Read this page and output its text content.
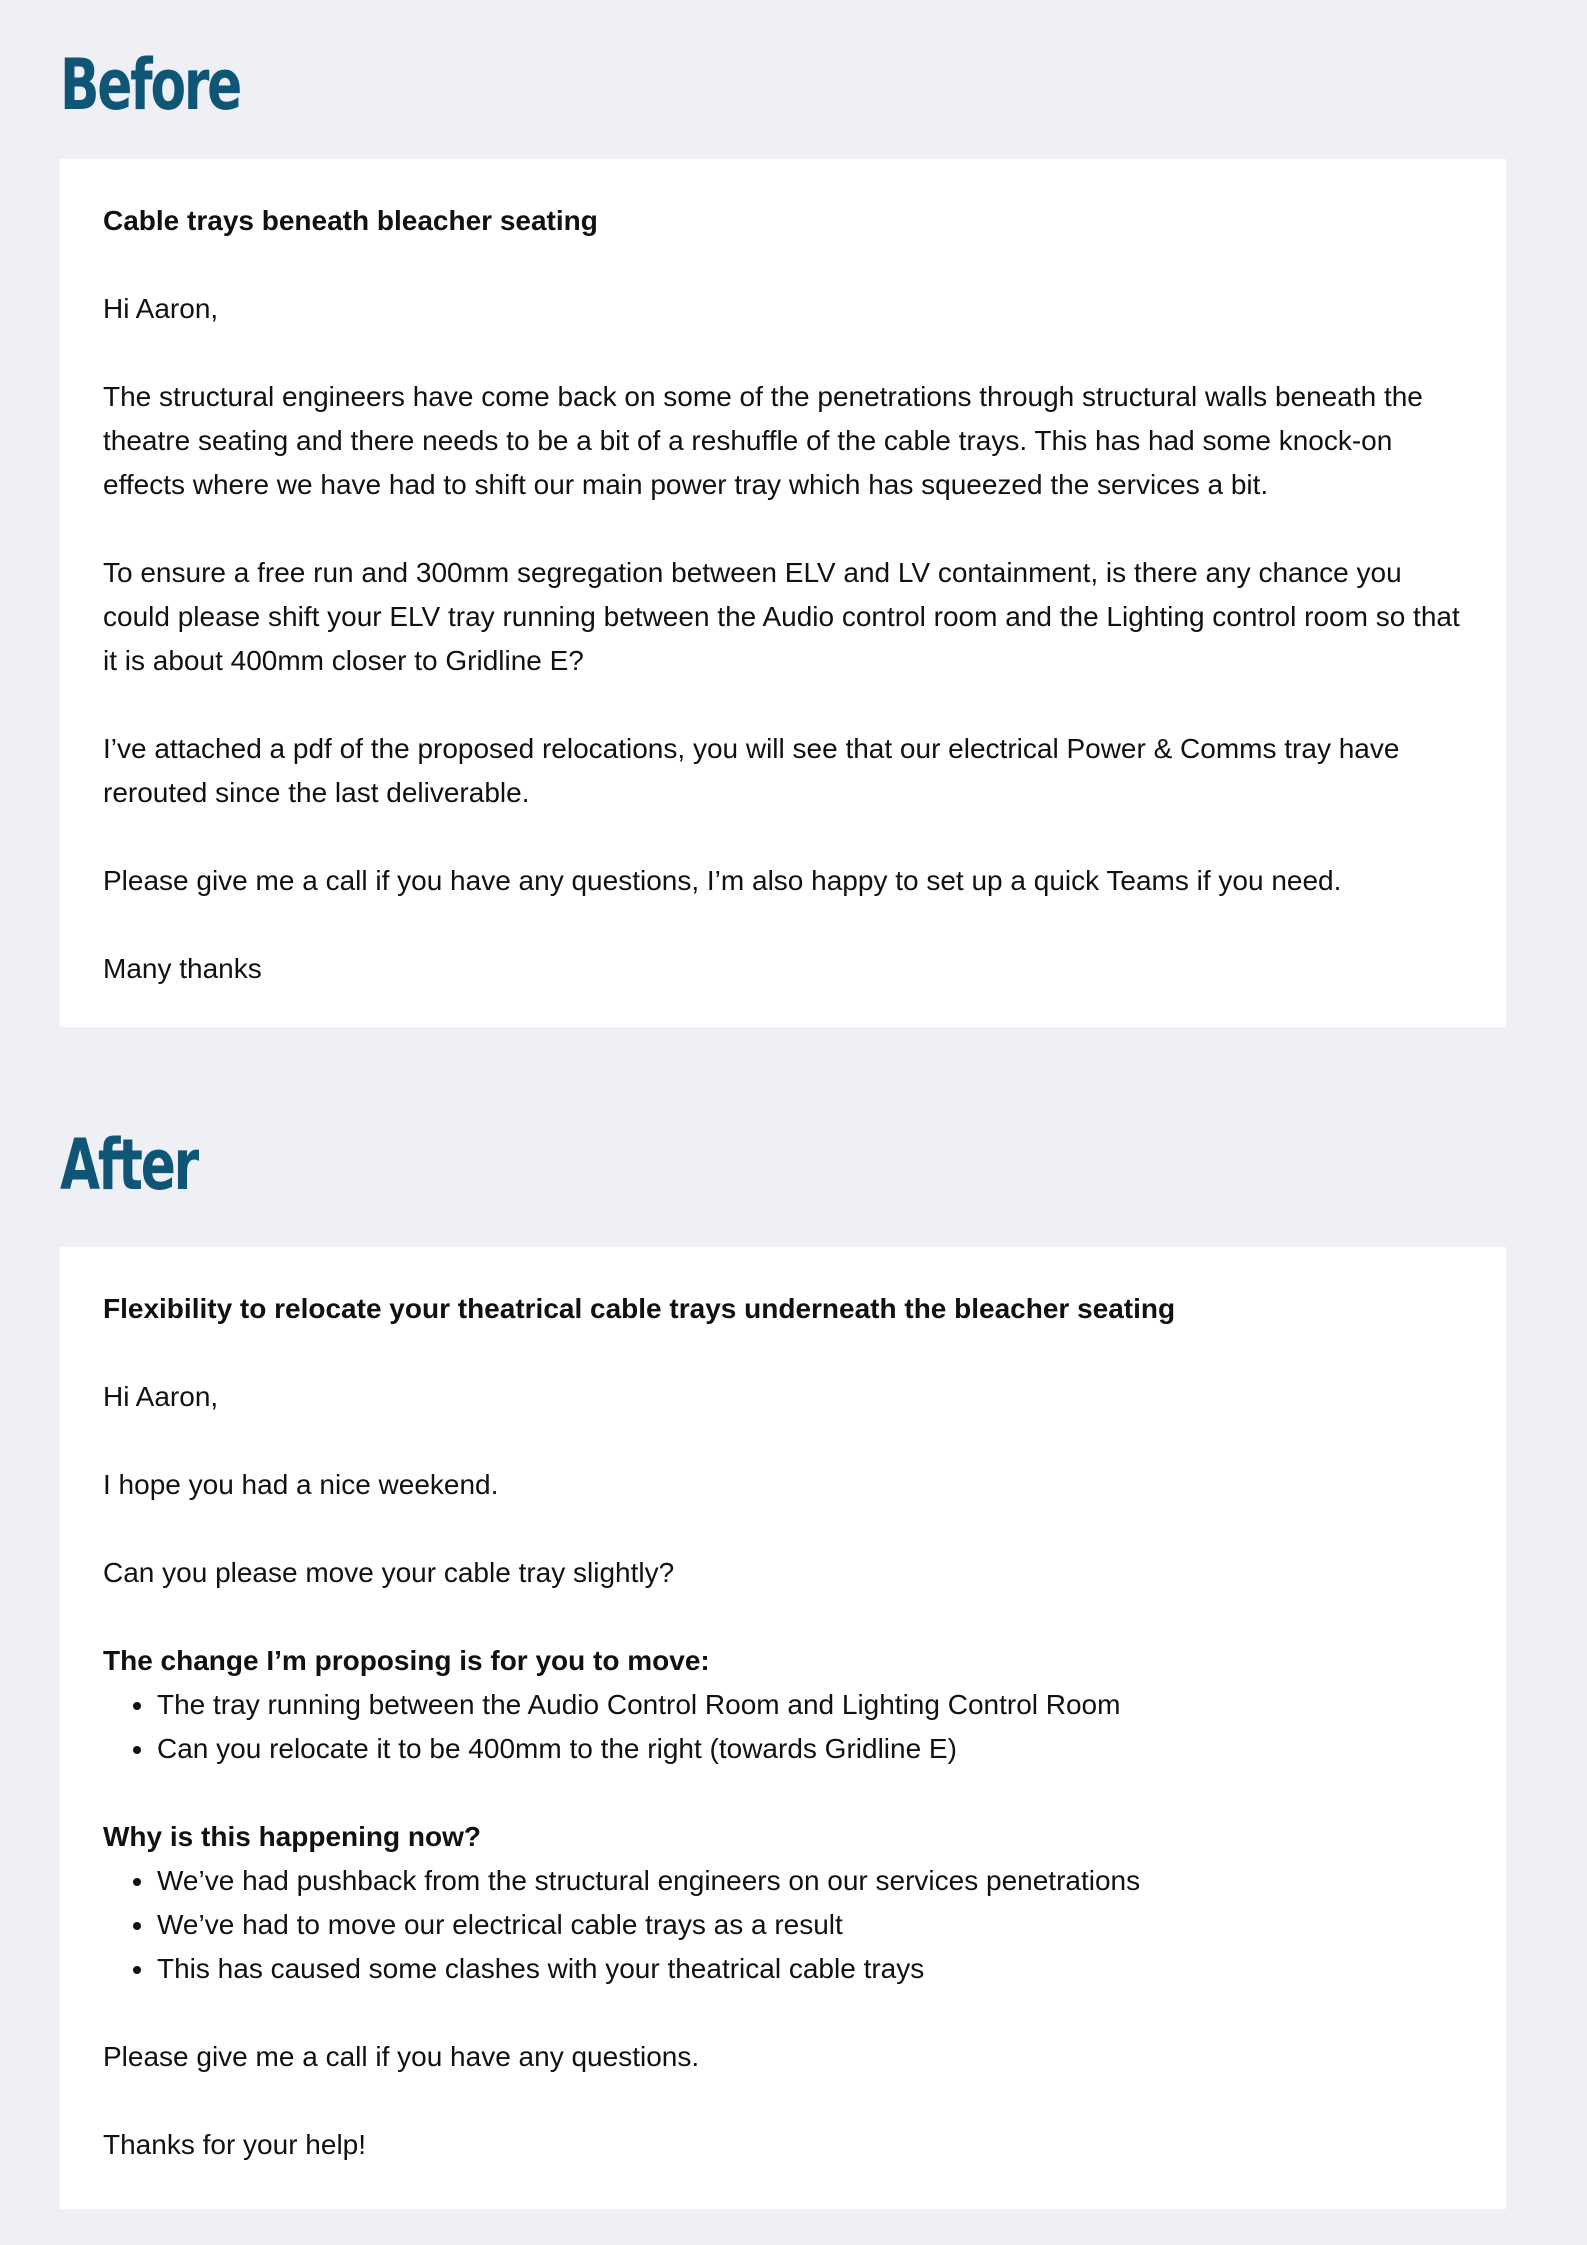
Before

Cable trays beneath bleacher seating

Hi Aaron,

The structural engineers have come back on some of the penetrations through structural walls beneath the theatre seating and there needs to be a bit of a reshuffle of the cable trays. This has had some knock-on effects where we have had to shift our main power tray which has squeezed the services a bit.

To ensure a free run and 300mm segregation between ELV and LV containment, is there any chance you could please shift your ELV tray running between the Audio control room and the Lighting control room so that it is about 400mm closer to Gridline E?

I’ve attached a pdf of the proposed relocations, you will see that our electrical Power & Comms tray have rerouted since the last deliverable.

Please give me a call if you have any questions, I’m also happy to set up a quick Teams if you need.

Many thanks

After

Flexibility to relocate your theatrical cable trays underneath the bleacher seating

Hi Aaron,

I hope you had a nice weekend.

Can you please move your cable tray slightly?

The change I’m proposing is for you to move:

The tray running between the Audio Control Room and Lighting Control Room
Can you relocate it to be 400mm to the right (towards Gridline E)

Why is this happening now?

We’ve had pushback from the structural engineers on our services penetrations
We’ve had to move our electrical cable trays as a result
This has caused some clashes with your theatrical cable trays

Please give me a call if you have any questions.

Thanks for your help!
